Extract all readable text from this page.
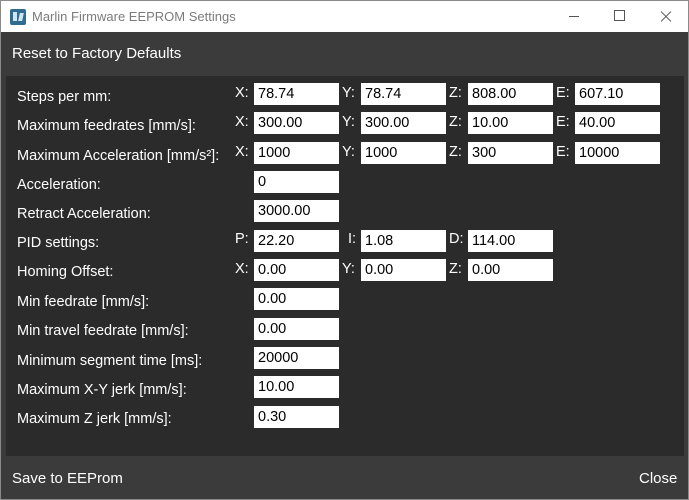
Marlin Firmware EEPROM Settings
Reset to Factory Defaults
Steps per mm:	X: 78.74	Y: 78.74	Z: 808.00	E: 607.10
Maximum feedrates [mm/s]:	X: 300.00	Y: 300.00	Z: 10.00	E: 40.00
Maximum Acceleration [mm/s²]: X: 1000	Y: 1000	Z: 300	E: 10000
Acceleration:	0
Retract Acceleration:	3000.00
PID settings:	P: 22.20	I: 1.08	D: 114.00
Homing Offset:	X: 0.00	Y: 0.00	Z: 0.00
Min feedrate [mm/s]:	0.00
Min travel feedrate [mm/s]:	0.00
Minimum segment time [ms]:	20000
Maximum X-Y jerk [mm/s]:	10.00
Maximum Z jerk [mm/s]:	0.30
Save to EEProm	Close
